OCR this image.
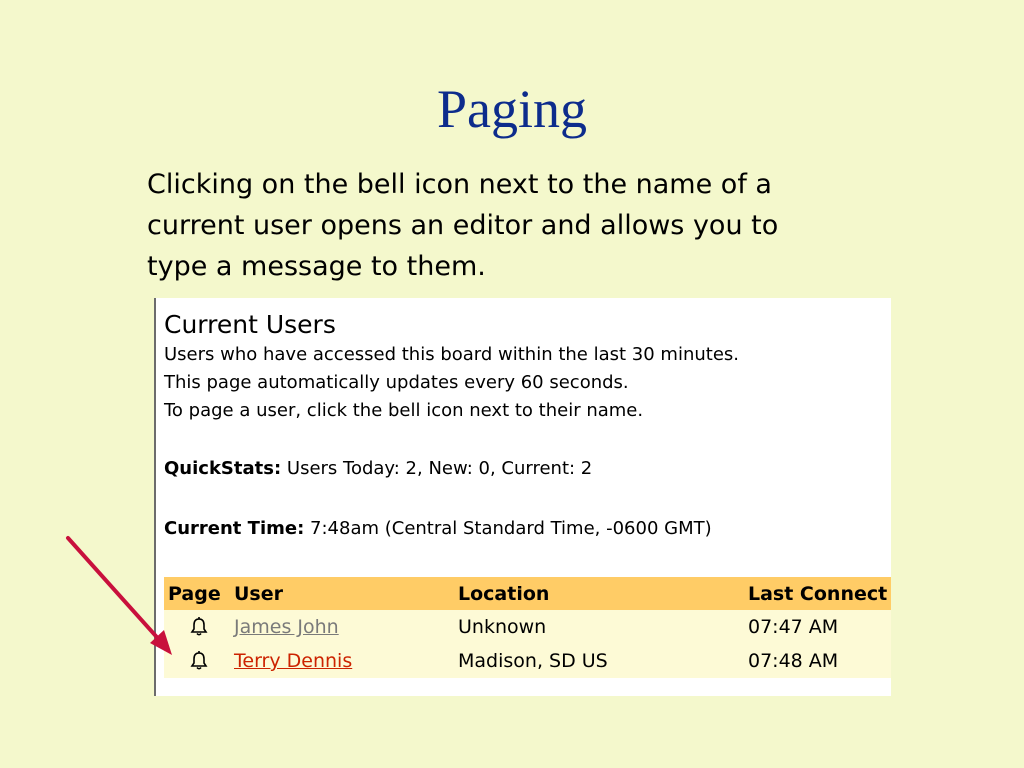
Paging
Clicking on the bell icon next to the name of a
current user opens an editor and allows you to
type a message to them.
Current Users
Users who have accessed this board within the last 30 minutes.
This page automatically updates every 60 seconds.
To page a user, click the bell icon next to their name.
QuickStats: Users Today: 2, New: 0, Current: 2
Current Time: 7:48am (Central Standard Time, -0600 GMT)
Page	User	Location	Last Connect
	James John	Unknown	07:47 AM
	Terry Dennis	Madison, SD US	07:48 AM
